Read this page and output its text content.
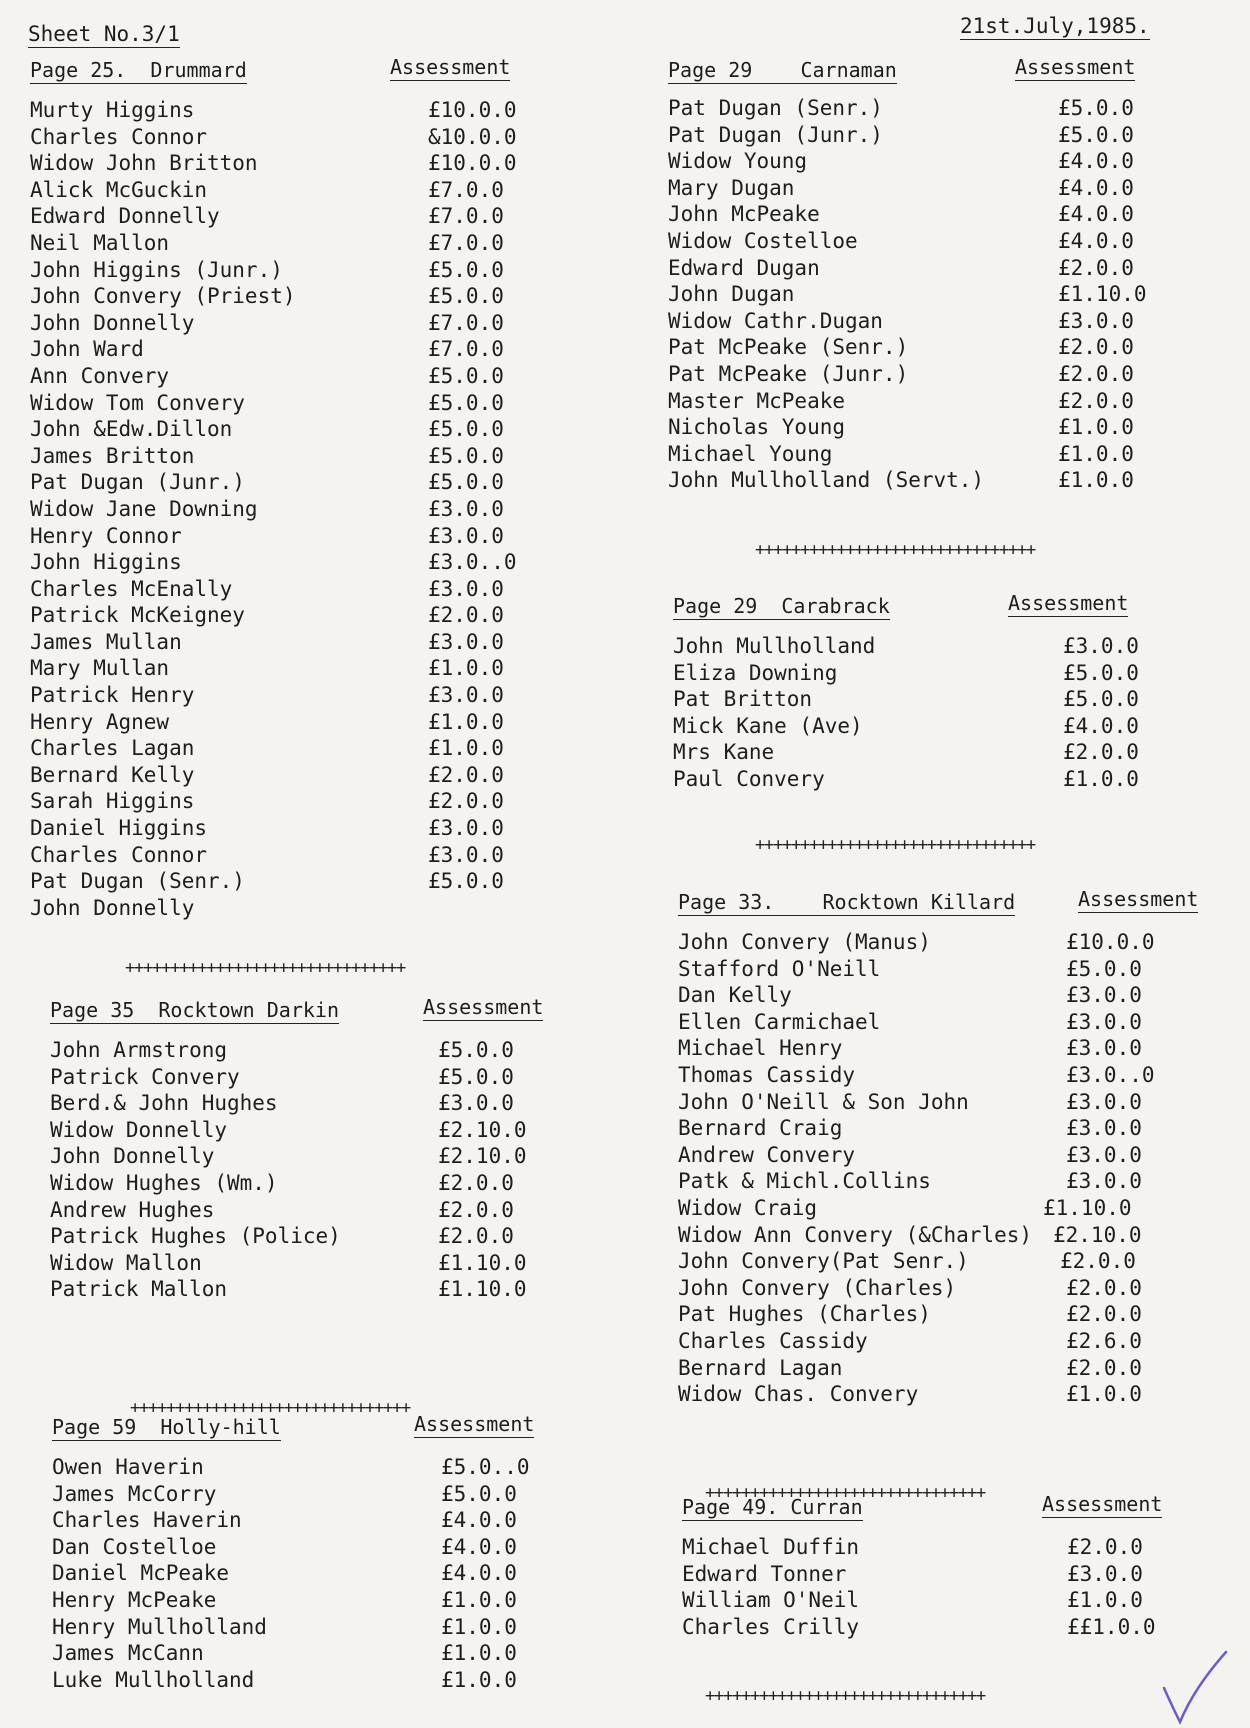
Sheet No.3/1	21st.July,1985.
Page 25.  Drummard	Assessment
Murty Higgins	£10.0.0
Charles Connor	&10.0.0
Widow John Britton	£10.0.0
Alick McGuckin	£7.0.0
Edward Donnelly	£7.0.0
Neil Mallon	£7.0.0
John Higgins (Junr.)	£5.0.0
John Convery (Priest)	£5.0.0
John Donnelly	£7.0.0
John Ward	£7.0.0
Ann Convery	£5.0.0
Widow Tom Convery	£5.0.0
John &Edw.Dillon	£5.0.0
James Britton	£5.0.0
Pat Dugan (Junr.)	£5.0.0
Widow Jane Downing	£3.0.0
Henry Connor	£3.0.0
John Higgins	£3.0..0
Charles McEnally	£3.0.0
Patrick McKeigney	£2.0.0
James Mullan	£3.0.0
Mary Mullan	£1.0.0
Patrick Henry	£3.0.0
Henry Agnew	£1.0.0
Charles Lagan	£1.0.0
Bernard Kelly	£2.0.0
Sarah Higgins	£2.0.0
Daniel Higgins	£3.0.0
Charles Connor	£3.0.0
Pat Dugan (Senr.)	£5.0.0
John Donnelly
+++++++++++++++++++++++++++++++
Page 35  Rocktown Darkin	Assessment
John Armstrong	£5.0.0
Patrick Convery	£5.0.0
Berd.& John Hughes	£3.0.0
Widow Donnelly	£2.10.0
John Donnelly	£2.10.0
Widow Hughes (Wm.)	£2.0.0
Andrew Hughes	£2.0.0
Patrick Hughes (Police)	£2.0.0
Widow Mallon	£1.10.0
Patrick Mallon	£1.10.0
+++++++++++++++++++++++++++++++
Page 59  Holly-hill	Assessment
Owen Haverin	£5.0..0
James McCorry	£5.0.0
Charles Haverin	£4.0.0
Dan Costelloe	£4.0.0
Daniel McPeake	£4.0.0
Henry McPeake	£1.0.0
Henry Mullholland	£1.0.0
James McCann	£1.0.0
Luke Mullholland	£1.0.0
Page 29    Carnaman	Assessment
Pat Dugan (Senr.)	£5.0.0
Pat Dugan (Junr.)	£5.0.0
Widow Young	£4.0.0
Mary Dugan	£4.0.0
John McPeake	£4.0.0
Widow Costelloe	£4.0.0
Edward Dugan	£2.0.0
John Dugan	£1.10.0
Widow Cathr.Dugan	£3.0.0
Pat McPeake (Senr.)	£2.0.0
Pat McPeake (Junr.)	£2.0.0
Master McPeake	£2.0.0
Nicholas Young	£1.0.0
Michael Young	£1.0.0
John Mullholland (Servt.)	£1.0.0
+++++++++++++++++++++++++++++++
Page 29  Carabrack	Assessment
John Mullholland	£3.0.0
Eliza Downing	£5.0.0
Pat Britton	£5.0.0
Mick Kane (Ave)	£4.0.0
Mrs Kane	£2.0.0
Paul Convery	£1.0.0
+++++++++++++++++++++++++++++++
Page 33.    Rocktown Killard	Assessment
John Convery (Manus)	£10.0.0
Stafford O'Neill	£5.0.0
Dan Kelly	£3.0.0
Ellen Carmichael	£3.0.0
Michael Henry	£3.0.0
Thomas Cassidy	£3.0..0
John O'Neill & Son John	£3.0.0
Bernard Craig	£3.0.0
Andrew Convery	£3.0.0
Patk & Michl.Collins	£3.0.0
Widow Craig	£1.10.0
Widow Ann Convery (&Charles) £2.10.0
John Convery(Pat Senr.)	£2.0.0
John Convery (Charles)	£2.0.0
Pat Hughes (Charles)	£2.0.0
Charles Cassidy	£2.6.0
Bernard Lagan	£2.0.0
Widow Chas. Convery	£1.0.0
+++++++++++++++++++++++++++++++
Page 49. Curran	Assessment
Michael Duffin	£2.0.0
Edward Tonner	£3.0.0
William O'Neil	£1.0.0
Charles Crilly	££1.0.0
+++++++++++++++++++++++++++++++
